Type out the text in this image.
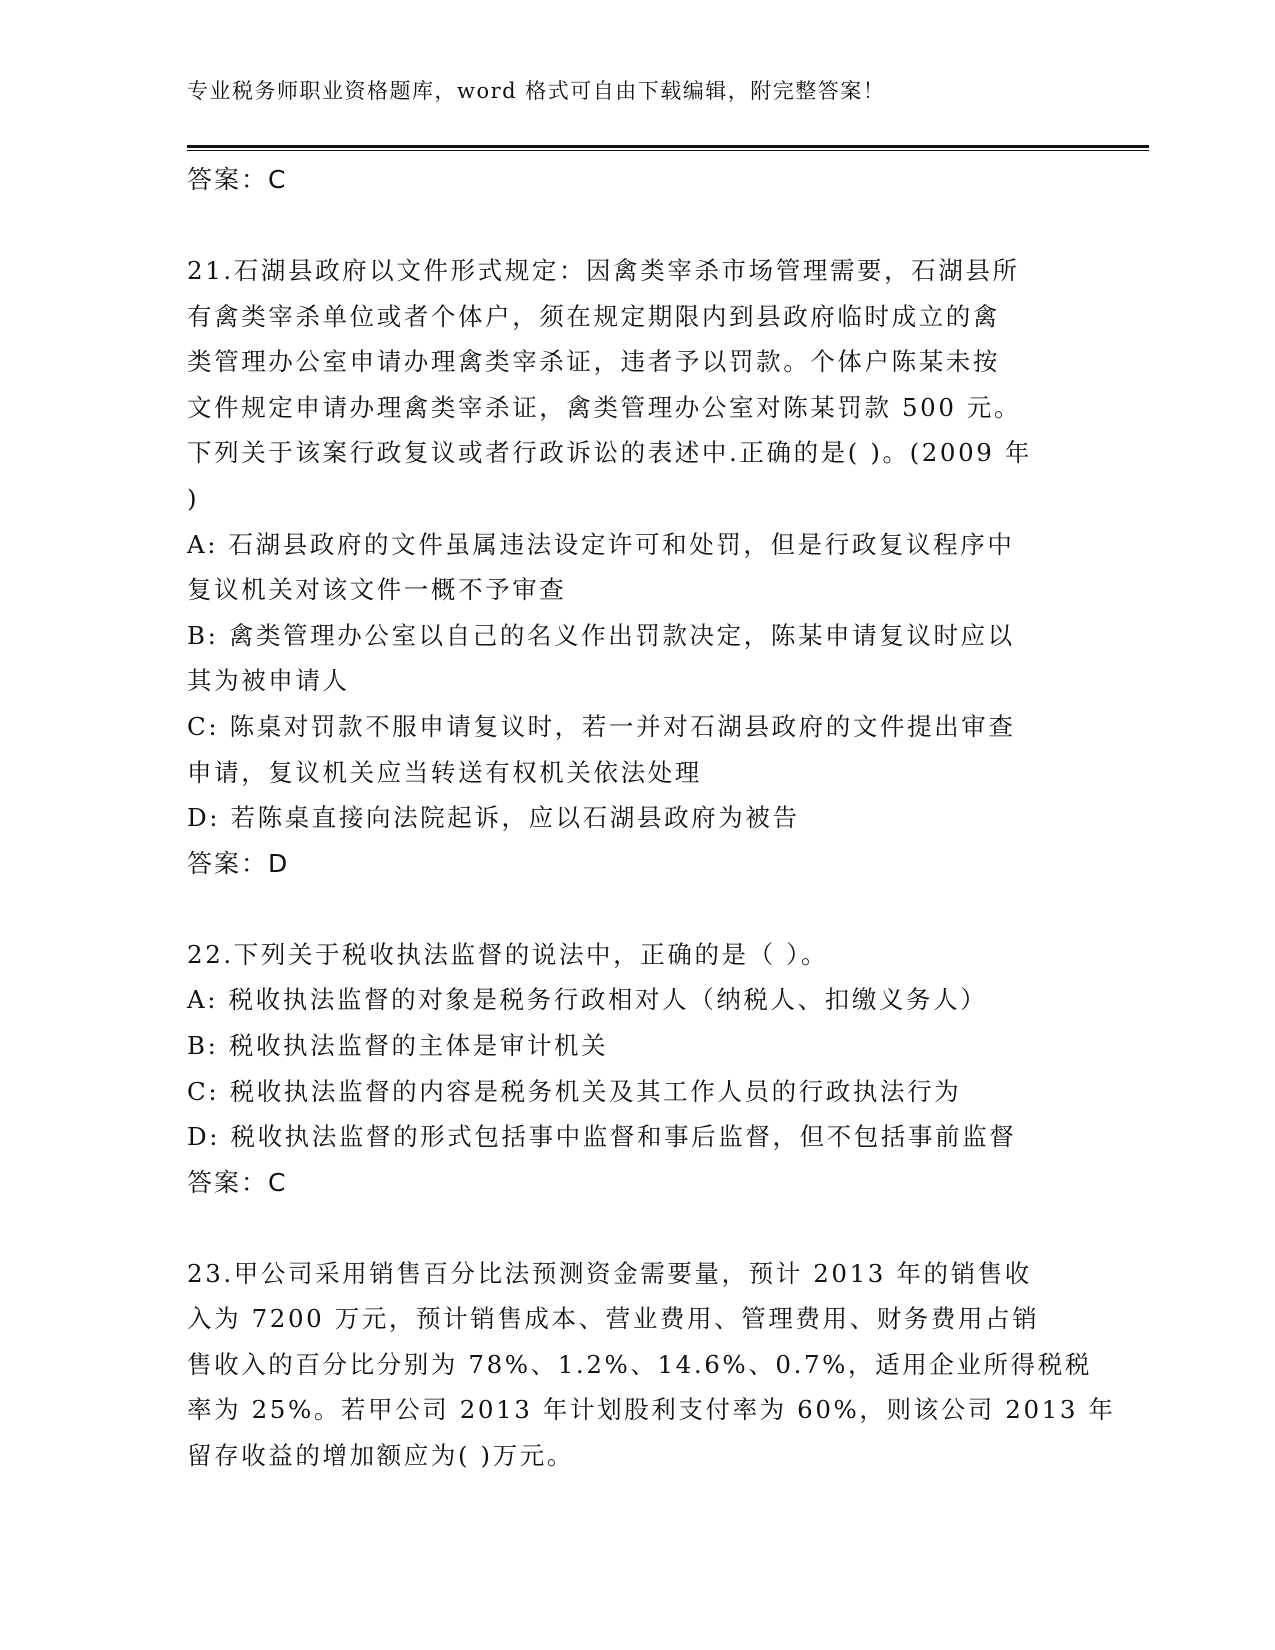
专业税务师职业资格题库，word 格式可自由下载编辑，附完整答案！
答案：C
21.石湖县政府以文件形式规定：因禽类宰杀市场管理需要，石湖县所
有禽类宰杀单位或者个体户，须在规定期限内到县政府临时成立的禽
类管理办公室申请办理禽类宰杀证，违者予以罚款。个体户陈某未按
文件规定申请办理禽类宰杀证，禽类管理办公室对陈某罚款 500 元。
下列关于该案行政复议或者行政诉讼的表述中.正确的是( )。(2009 年
)
A: 石湖县政府的文件虽属违法设定许可和处罚，但是行政复议程序中
复议机关对该文件一概不予审查
B: 禽类管理办公室以自己的名义作出罚款决定，陈某申请复议时应以
其为被申请人
C: 陈桌对罚款不服申请复议时，若一并对石湖县政府的文件提出审查
申请，复议机关应当转送有权机关依法处理
D: 若陈桌直接向法院起诉，应以石湖县政府为被告
答案：D
22.下列关于税收执法监督的说法中，正确的是（ ）。
A: 税收执法监督的对象是税务行政相对人（纳税人、扣缴义务人）
B: 税收执法监督的主体是审计机关
C: 税收执法监督的内容是税务机关及其工作人员的行政执法行为
D: 税收执法监督的形式包括事中监督和事后监督，但不包括事前监督
答案：C
23.甲公司采用销售百分比法预测资金需要量，预计 2013 年的销售收
入为 7200 万元，预计销售成本、营业费用、管理费用、财务费用占销
售收入的百分比分别为 78%、1.2%、14.6%、0.7%，适用企业所得税税
率为 25%。若甲公司 2013 年计划股利支付率为 60%，则该公司 2013 年
留存收益的增加额应为( )万元。
